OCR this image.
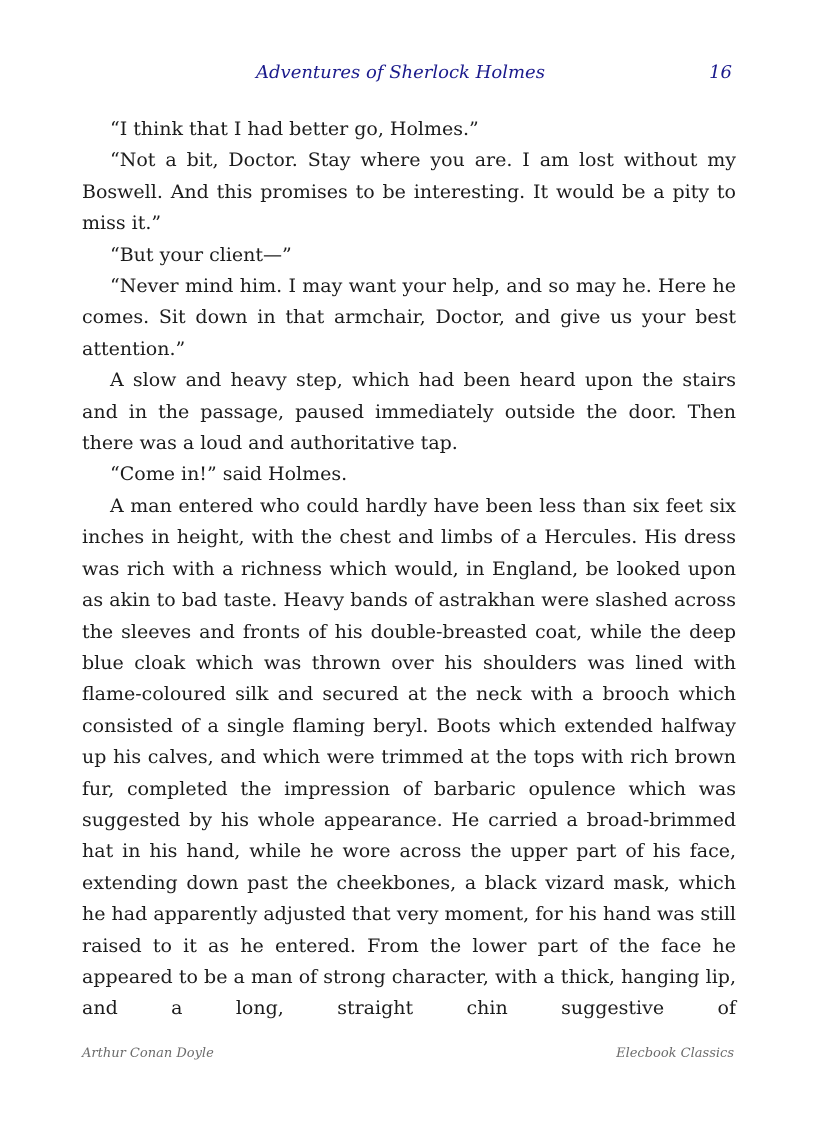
Adventures of Sherlock Holmes	16

“I think that I had better go, Holmes.”

“Not a bit, Doctor. Stay where you are. I am lost without my Boswell. And this promises to be interesting. It would be a pity to miss it.”

“But your client—”

“Never mind him. I may want your help, and so may he. Here he comes. Sit down in that armchair, Doctor, and give us your best attention.”

A slow and heavy step, which had been heard upon the stairs and in the passage, paused immediately outside the door. Then there was a loud and authoritative tap.

“Come in!” said Holmes.

A man entered who could hardly have been less than six feet six inches in height, with the chest and limbs of a Hercules. His dress was rich with a richness which would, in England, be looked upon as akin to bad taste. Heavy bands of astrakhan were slashed across the sleeves and fronts of his double-breasted coat, while the deep blue cloak which was thrown over his shoulders was lined with flame-coloured silk and secured at the neck with a brooch which consisted of a single flaming beryl. Boots which extended halfway up his calves, and which were trimmed at the tops with rich brown fur, completed the impression of barbaric opulence which was suggested by his whole appearance. He carried a broad-brimmed hat in his hand, while he wore across the upper part of his face, extending down past the cheekbones, a black vizard mask, which he had apparently adjusted that very moment, for his hand was still raised to it as he entered. From the lower part of the face he appeared to be a man of strong character, with a thick, hanging lip, and a long, straight chin suggestive of

Arthur Conan Doyle	Elecbook Classics
